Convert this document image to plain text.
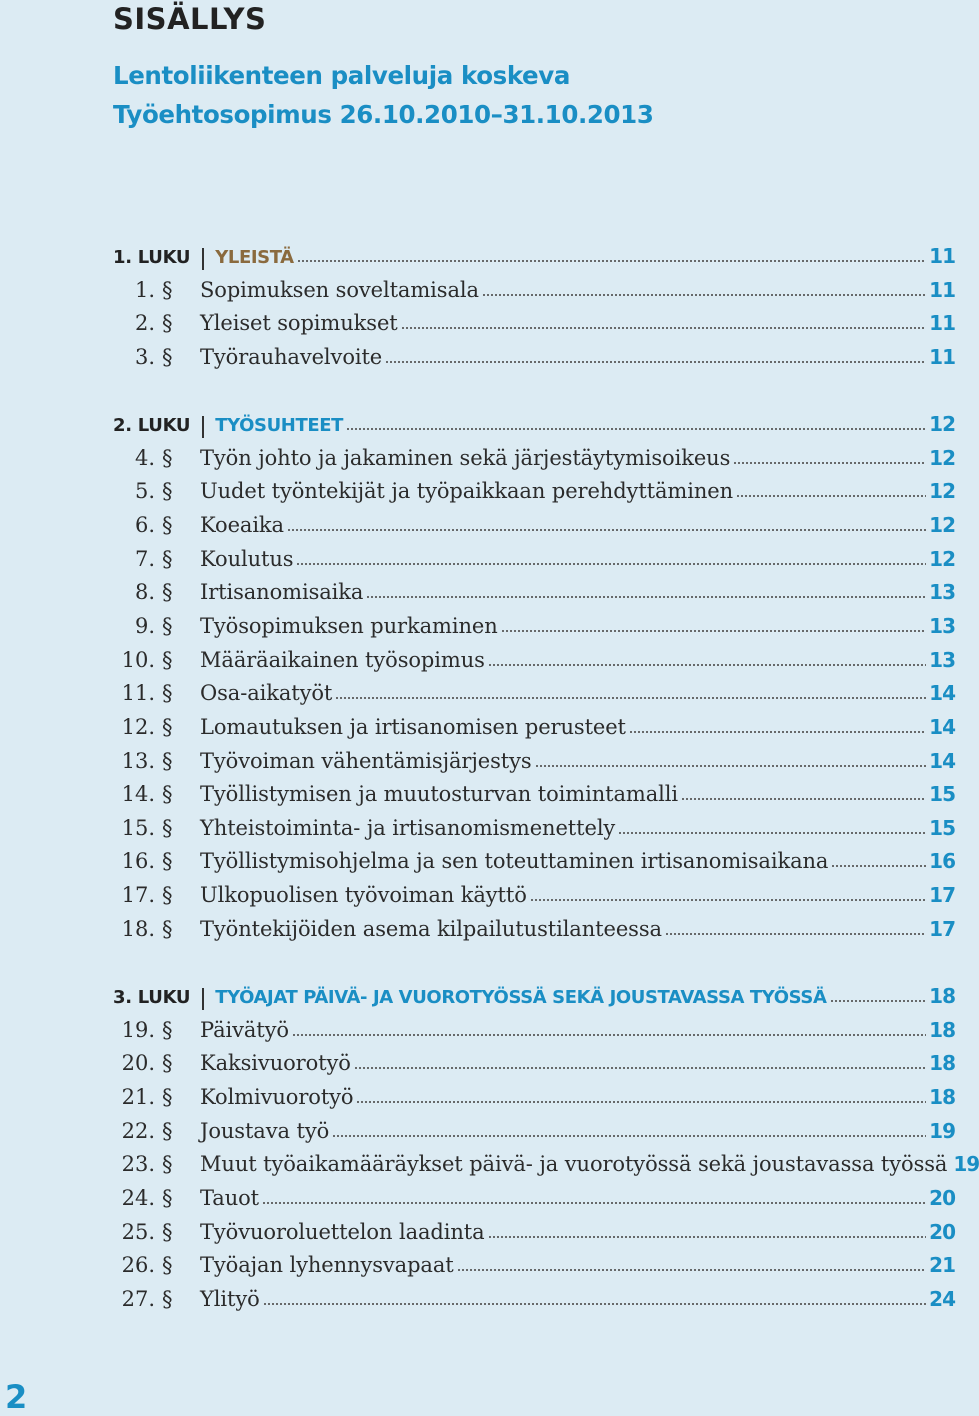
SISÄLLYS
Lentoliikenteen palveluja koskeva
Työehtosopimus 26.10.2010–31.10.2013
1. LUKU YLEISTÄ	11
1. §	Sopimuksen soveltamisala	11
2. §	Yleiset sopimukset	11
3. §	Työrauhavelvoite	11
2. LUKU TYÖSUHTEET	12
4. §	Työn johto ja jakaminen sekä järjestäytymisoikeus	12
5. §	Uudet työntekijät ja työpaikkaan perehdyttäminen	12
6. §	Koeaika	12
7. §	Koulutus	12
8. §	Irtisanomisaika	13
9. §	Työsopimuksen purkaminen	13
10. §	Määräaikainen työsopimus	13
11. §	Osa-aikatyöt	14
12. §	Lomautuksen ja irtisanomisen perusteet	14
13. §	Työvoiman vähentämisjärjestys	14
14. §	Työllistymisen ja muutosturvan toimintamalli	15
15. §	Yhteistoiminta- ja irtisanomismenettely	15
16. §	Työllistymisohjelma ja sen toteuttaminen irtisanomisaikana	16
17. §	Ulkopuolisen työvoiman käyttö	17
18. §	Työntekijöiden asema kilpailutustilanteessa	17
3. LUKU TYÖAJAT PÄIVÄ- JA VUOROTYÖSSÄ SEKÄ JOUSTAVASSA TYÖSSÄ	18
19. §	Päivätyö	18
20. §	Kaksivuorotyö	18
21. §	Kolmivuorotyö	18
22. §	Joustava työ	19
23. §	Muut työaikamääräykset päivä- ja vuorotyössä sekä joustavassa työssä 19
24. §	Tauot	20
25. §	Työvuoroluettelon laadinta	20
26. §	Työajan lyhennysvapaat	21
27. §	Ylityö	24
2
